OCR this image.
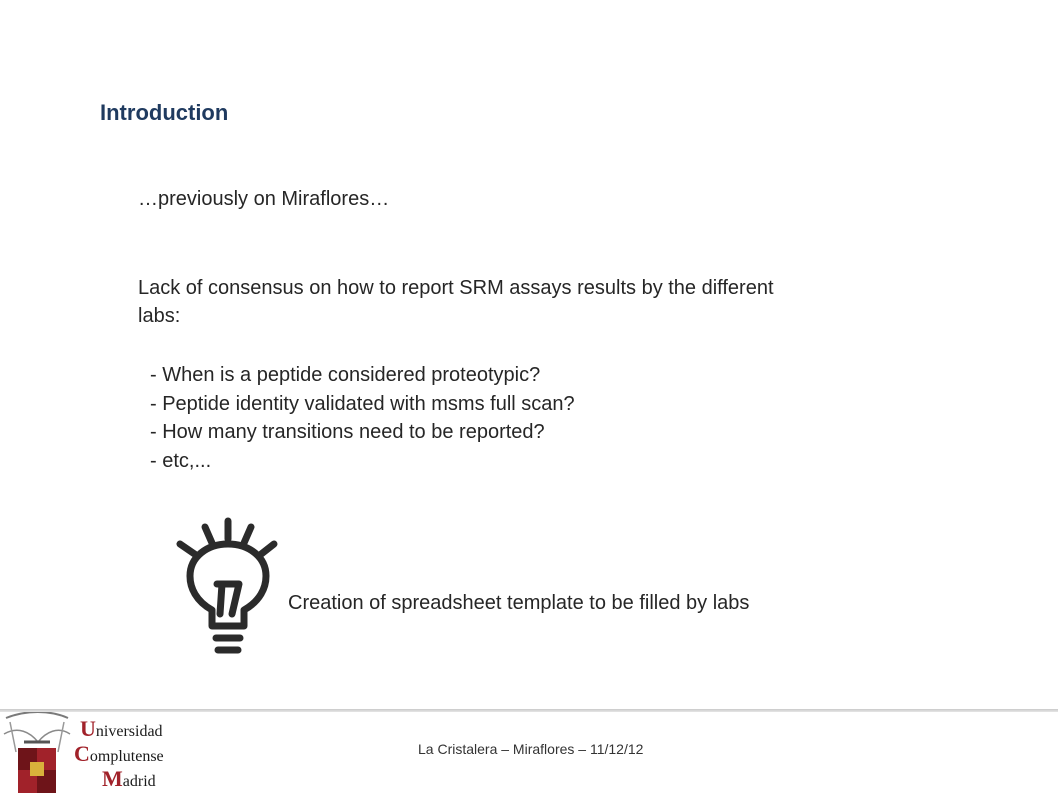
Introduction
…previously on Miraflores…
Lack of consensus on how to report SRM assays results by the different labs:
- When is a peptide considered proteotypic?
- Peptide identity validated with msms full scan?
- How many transitions need to be reported?
- etc,...
Creation of spreadsheet template to be filled by labs
Universidad
Complutense
Madrid
La Cristalera – Miraflores – 11/12/12
